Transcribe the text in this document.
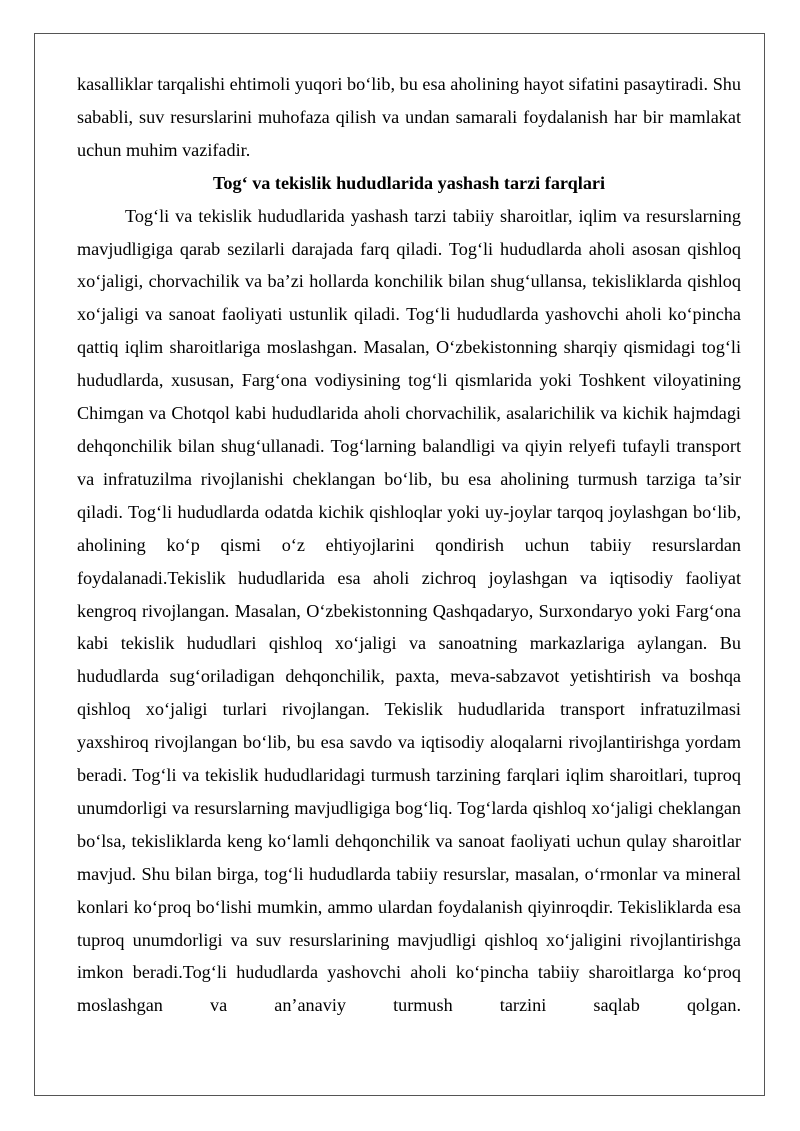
kasalliklar tarqalishi ehtimoli yuqori bo‘lib, bu esa aholining hayot sifatini pasaytiradi. Shu sababli, suv resurslarini muhofaza qilish va undan samarali foydalanish har bir mamlakat uchun muhim vazifadir.

Tog‘ va tekislik hududlarida yashash tarzi farqlari

Tog‘li va tekislik hududlarida yashash tarzi tabiiy sharoitlar, iqlim va resurslarning mavjudligiga qarab sezilarli darajada farq qiladi. Tog‘li hududlarda aholi asosan qishloq xo‘jaligi, chorvachilik va ba’zi hollarda konchilik bilan shug‘ullansa, tekisliklarda qishloq xo‘jaligi va sanoat faoliyati ustunlik qiladi. Tog‘li hududlarda yashovchi aholi ko‘pincha qattiq iqlim sharoitlariga moslashgan. Masalan, O‘zbekistonning sharqiy qismidagi tog‘li hududlarda, xususan, Farg‘ona vodiysining tog‘li qismlarida yoki Toshkent viloyatining Chimgan va Chotqol kabi hududlarida aholi chorvachilik, asalarichilik va kichik hajmdagi dehqonchilik bilan shug‘ullanadi. Tog‘larning balandligi va qiyin relyefi tufayli transport va infratuzilma rivojlanishi cheklangan bo‘lib, bu esa aholining turmush tarziga ta’sir qiladi. Tog‘li hududlarda odatda kichik qishloqlar yoki uy-joylar tarqoq joylashgan bo‘lib, aholining ko‘p qismi o‘z ehtiyojlarini qondirish uchun tabiiy resurslardan foydalanadi.Tekislik hududlarida esa aholi zichroq joylashgan va iqtisodiy faoliyat kengroq rivojlangan. Masalan, O‘zbekistonning Qashqadaryo, Surxondaryo yoki Farg‘ona kabi tekislik hududlari qishloq xo‘jaligi va sanoatning markazlariga aylangan. Bu hududlarda sug‘oriladigan dehqonchilik, paxta, meva-sabzavot yetishtirish va boshqa qishloq xo‘jaligi turlari rivojlangan. Tekislik hududlarida transport infratuzilmasi yaxshiroq rivojlangan bo‘lib, bu esa savdo va iqtisodiy aloqalarni rivojlantirishga yordam beradi. Tog‘li va tekislik hududlaridagi turmush tarzining farqlari iqlim sharoitlari, tuproq unumdorligi va resurslarning mavjudligiga bog‘liq. Tog‘larda qishloq xo‘jaligi cheklangan bo‘lsa, tekisliklarda keng ko‘lamli dehqonchilik va sanoat faoliyati uchun qulay sharoitlar mavjud. Shu bilan birga, tog‘li hududlarda tabiiy resurslar, masalan, o‘rmonlar va mineral konlari ko‘proq bo‘lishi mumkin, ammo ulardan foydalanish qiyinroqdir. Tekisliklarda esa tuproq unumdorligi va suv resurslarining mavjudligi qishloq xo‘jaligini rivojlantirishga imkon beradi.Tog‘li hududlarda yashovchi aholi ko‘pincha tabiiy sharoitlarga ko‘proq moslashgan va an’anaviy turmush tarzini saqlab qolgan.
